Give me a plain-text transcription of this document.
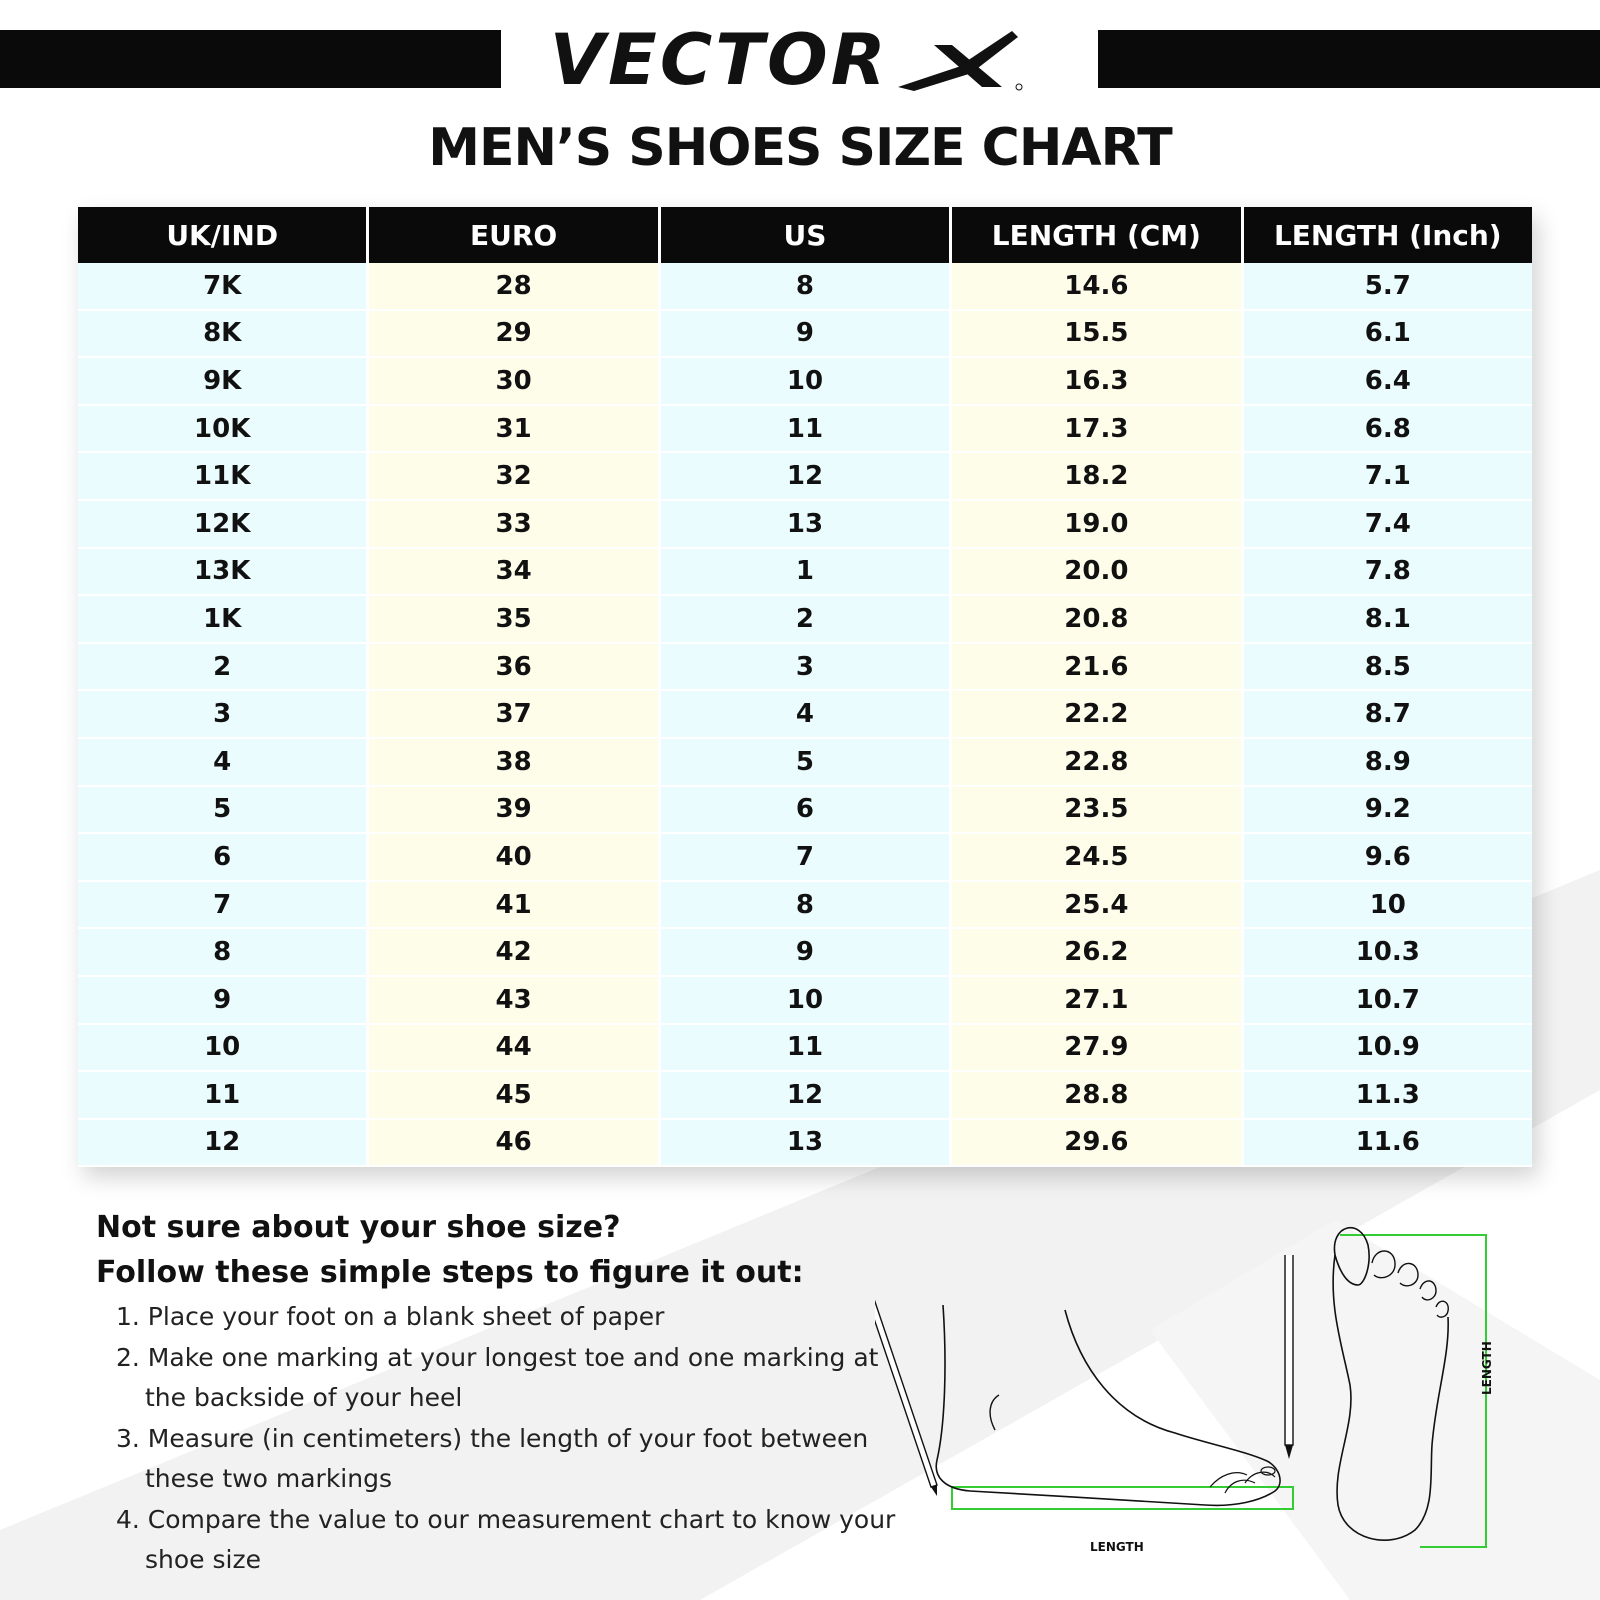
VECTOR
MEN’S SHOES SIZE CHART
UK/IND	EURO	US	LENGTH (CM)	LENGTH (Inch)
7K	28	8	14.6	5.7
8K	29	9	15.5	6.1
9K	30	10	16.3	6.4
10K	31	11	17.3	6.8
11K	32	12	18.2	7.1
12K	33	13	19.0	7.4
13K	34	1	20.0	7.8
1K	35	2	20.8	8.1
2	36	3	21.6	8.5
3	37	4	22.2	8.7
4	38	5	22.8	8.9
5	39	6	23.5	9.2
6	40	7	24.5	9.6
7	41	8	25.4	10
8	42	9	26.2	10.3
9	43	10	27.1	10.7
10	44	11	27.9	10.9
11	45	12	28.8	11.3
12	46	13	29.6	11.6
Not sure about your shoe size?
Follow these simple steps to figure it out:
1. Place your foot on a blank sheet of paper
2. Make one marking at your longest toe and one marking at the backside of your heel
3. Measure (in centimeters) the length of your foot between these two markings
4. Compare the value to our measurement chart to know your shoe size	LENGTH
LENGTH
